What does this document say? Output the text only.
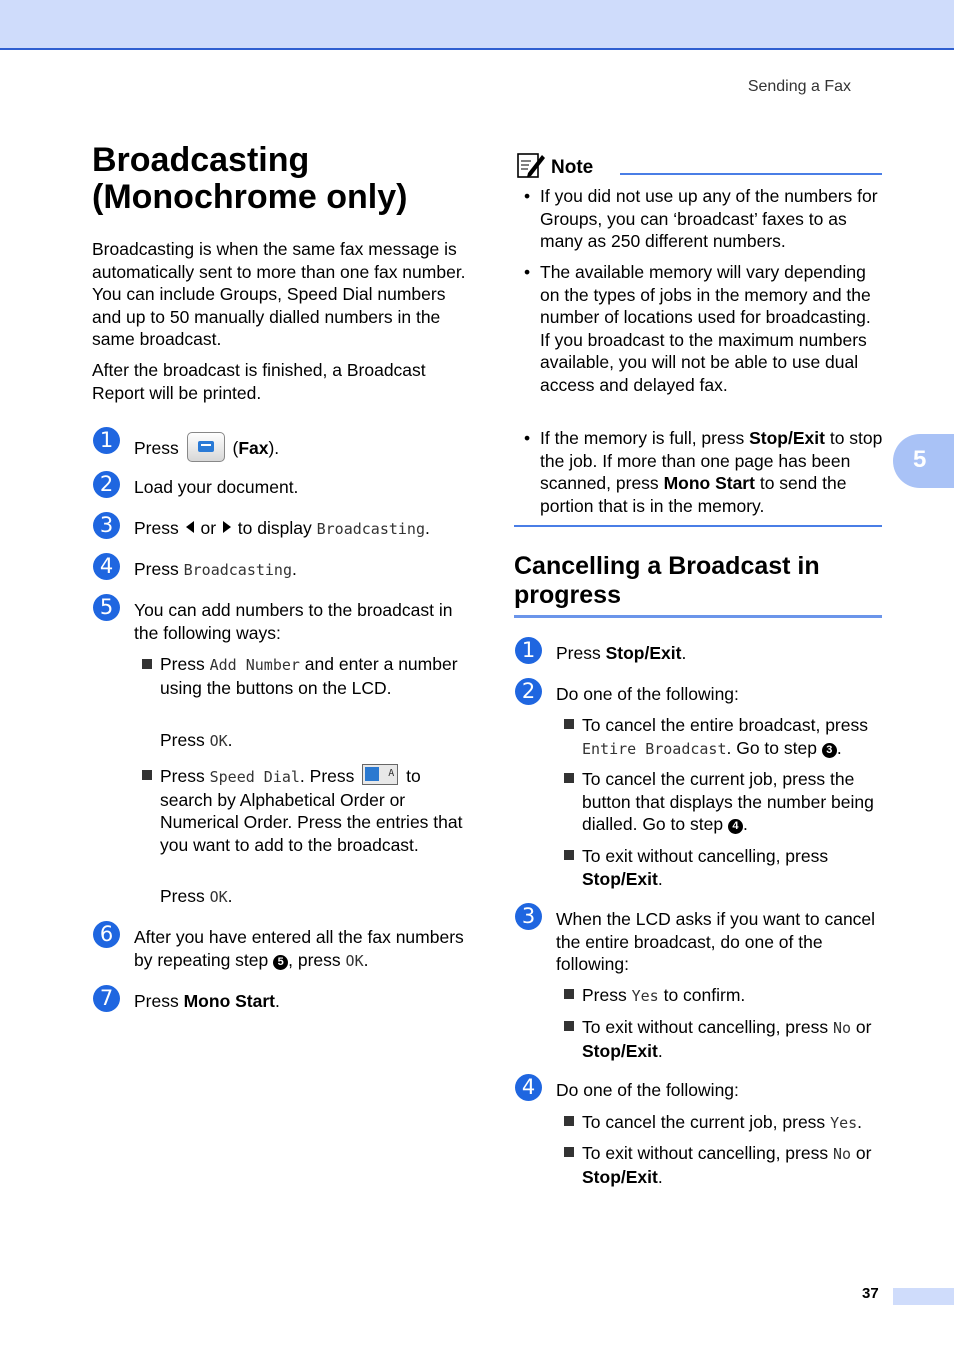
Sending a Fax
Broadcasting
(Monochrome only)

Broadcasting is when the same fax message is automatically sent to more than one fax number. You can include Groups, Speed Dial numbers and up to 50 manually dialled numbers in the same broadcast.

After the broadcast is finished, a Broadcast Report will be printed.

1	Press	(Fax).
2	Load your document.
3	Press or to display Broadcasting.
4	Press Broadcasting.
5	You can add numbers to the broadcast in the following ways:
Press Add Number and enter a number using the buttons on the LCD.
Press OK.
Press Speed Dial. Press	A to search by Alphabetical Order or Numerical Order. Press the entries that you want to add to the broadcast.
Press OK.
6	After you have entered all the fax numbers by repeating step 5 , press OK.
7	Press Mono Start.
Note
• If you did not use up any of the numbers for Groups, you can ‘broadcast’ faxes to as many as 250 different numbers.

• The available memory will vary depending on the types of jobs in the memory and the number of locations used for broadcasting. If you broadcast to the maximum numbers available, you will not be able to use dual access and delayed fax.

• If the memory is full, press Stop/Exit to stop the job. If more than one page has been scanned, press Mono Start to send the portion that is in the memory.

Cancelling a Broadcast in progress
1	Press Stop/Exit.
2	Do one of the following:
To cancel the entire broadcast, press Entire Broadcast. Go to step 3 .
To cancel the current job, press the button that displays the number being dialled. Go to step 4 .
To exit without cancelling, press Stop/Exit.
3	When the LCD asks if you want to cancel the entire broadcast, do one of the following:
Press Yes to confirm.
To exit without cancelling, press No or Stop/Exit.
4	Do one of the following:
To cancel the current job, press Yes.
To exit without cancelling, press No or Stop/Exit.
5
37
